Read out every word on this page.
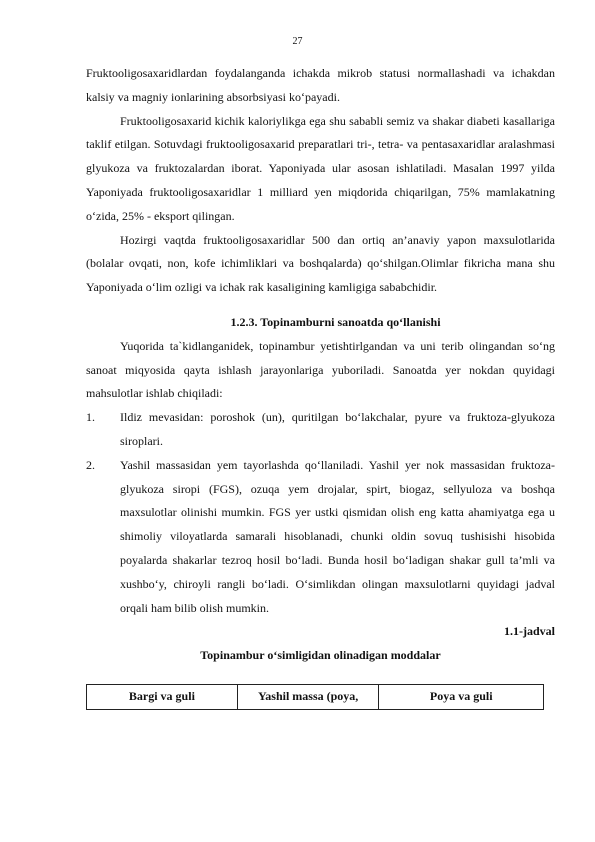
27

Fruktooligosaxaridlardan foydalanganda ichakda mikrob statusi normallashadi va ichakdan kalsiy va magniy ionlarining absorbsiyasi koʻpayadi.

Fruktooligosaxarid kichik kaloriylikga ega shu sababli semiz va shakar diabeti kasallariga taklif etilgan. Sotuvdagi fruktooligosaxarid preparatlari tri-, tetra- va pentasaxaridlar aralashmasi glyukoza va fruktozalardan iborat. Yaponiyada ular asosan ishlatiladi. Masalan 1997 yilda Yaponiyada fruktooligosaxaridlar 1 milliard yen miqdorida chiqarilgan, 75% mamlakatning oʻzida, 25% - eksport qilingan.

Hozirgi vaqtda fruktooligosaxaridlar 500 dan ortiq an’anaviy yapon maxsulotlarida (bolalar ovqati, non, kofe ichimliklari va boshqalarda) qoʻshilgan.Olimlar fikricha mana shu Yaponiyada oʻlim ozligi va ichak rak kasaligining kamligiga sababchidir.

1.2.3. Topinamburni sanoatda qoʻllanishi

Yuqorida ta`kidlanganidek, topinambur yetishtirlgandan va uni terib olingandan soʻng sanoat miqyosida qayta ishlash jarayonlariga yuboriladi. Sanoatda yer nokdan quyidagi mahsulotlar ishlab chiqiladi:

1.	Ildiz mevasidan: poroshok (un), quritilgan boʻlakchalar, pyure va fruktoza-glyukoza siroplari.
2.	Yashil massasidan yem tayorlashda qoʻllaniladi. Yashil yer nok massasidan fruktoza-glyukoza siropi (FGS), ozuqa yem drojalar, spirt, biogaz, sellyuloza va boshqa maxsulotlar olinishi mumkin. FGS yer ustki qismidan olish eng katta ahamiyatga ega u shimoliy viloyatlarda samarali hisoblanadi, chunki oldin sovuq tushisishi hisobida poyalarda shakarlar tezroq hosil boʻladi. Bunda hosil boʻladigan shakar gull ta’mli va xushboʻy, chiroyli rangli boʻladi. Oʻsimlikdan olingan maxsulotlarni quyidagi jadval orqali ham bilib olish mumkin.
1.1-jadval
Topinambur oʻsimligidan olinadigan moddalar
Bargi va guli	Yashil massa (poya,	Poya va guli
